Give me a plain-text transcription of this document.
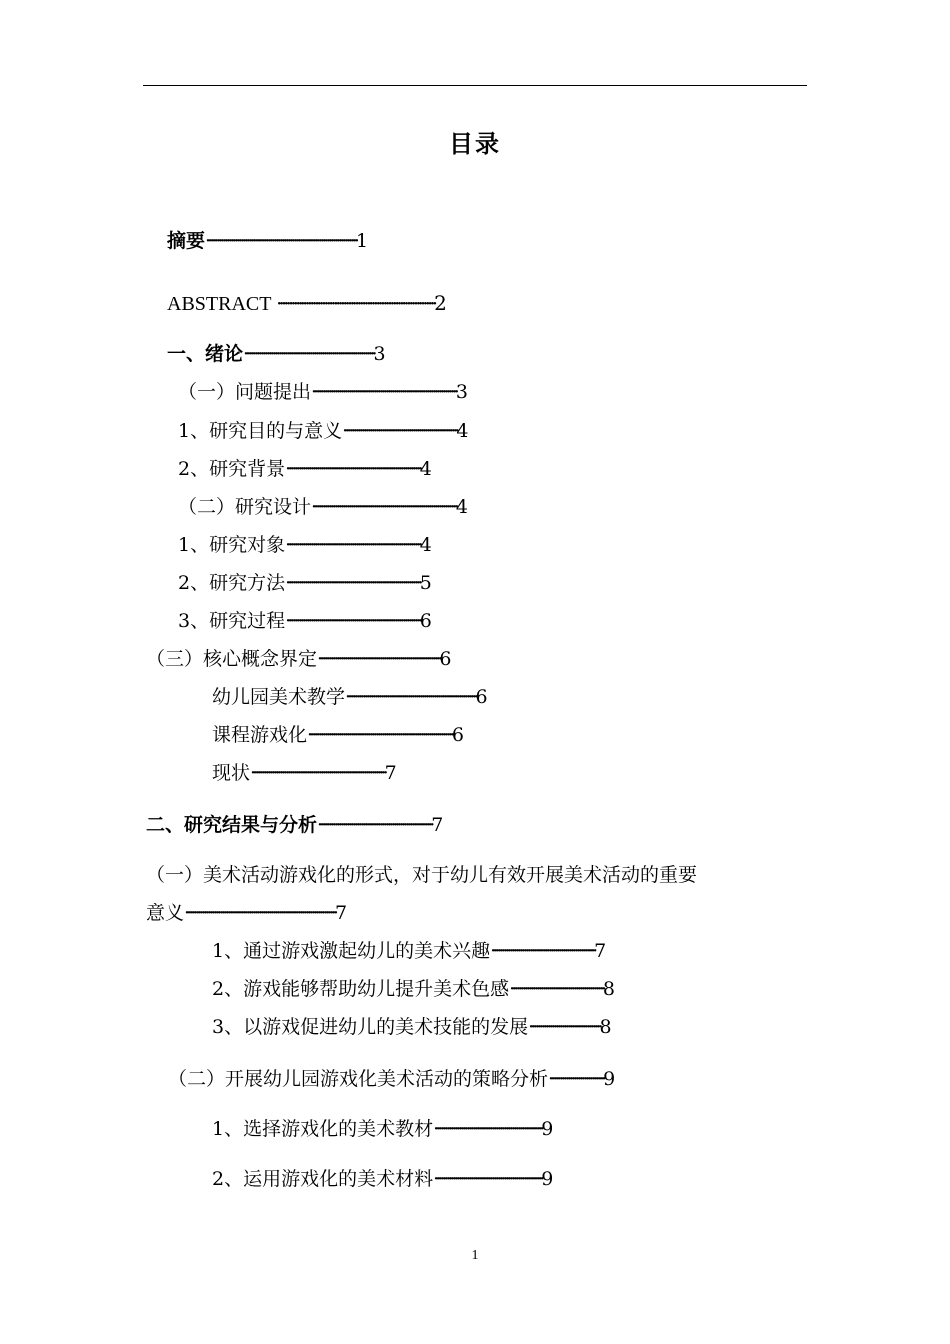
目录
摘要··········································································1
ABSTRACT ···································································2
一、绪论································································3
（一）问题提出·······································································3
1、研究目的与意义························································4
2、研究背景··································································4
（二）研究设计·······································································4
1、研究对象··································································4
2、研究方法··································································5
3、研究过程··································································6
（三）核心概念界定····························································6
幼儿园美术教学································································6
课程游戏化·······································································6
现状··································································7
二、研究结果与分析························································7
（一）美术活动游戏化的形式，对于幼儿有效开展美术活动的重要
意义··········································································7
1、通过游戏激起幼儿的美术兴趣···················································7
2、游戏能够帮助幼儿提升美术色感··············································8
3、以游戏促进幼儿的美术技能的发展···································8
（二）开展幼儿园游戏化美术活动的策略分析···························9
1、选择游戏化的美术教材·····················································9
2、运用游戏化的美术材料·····················································9
1
